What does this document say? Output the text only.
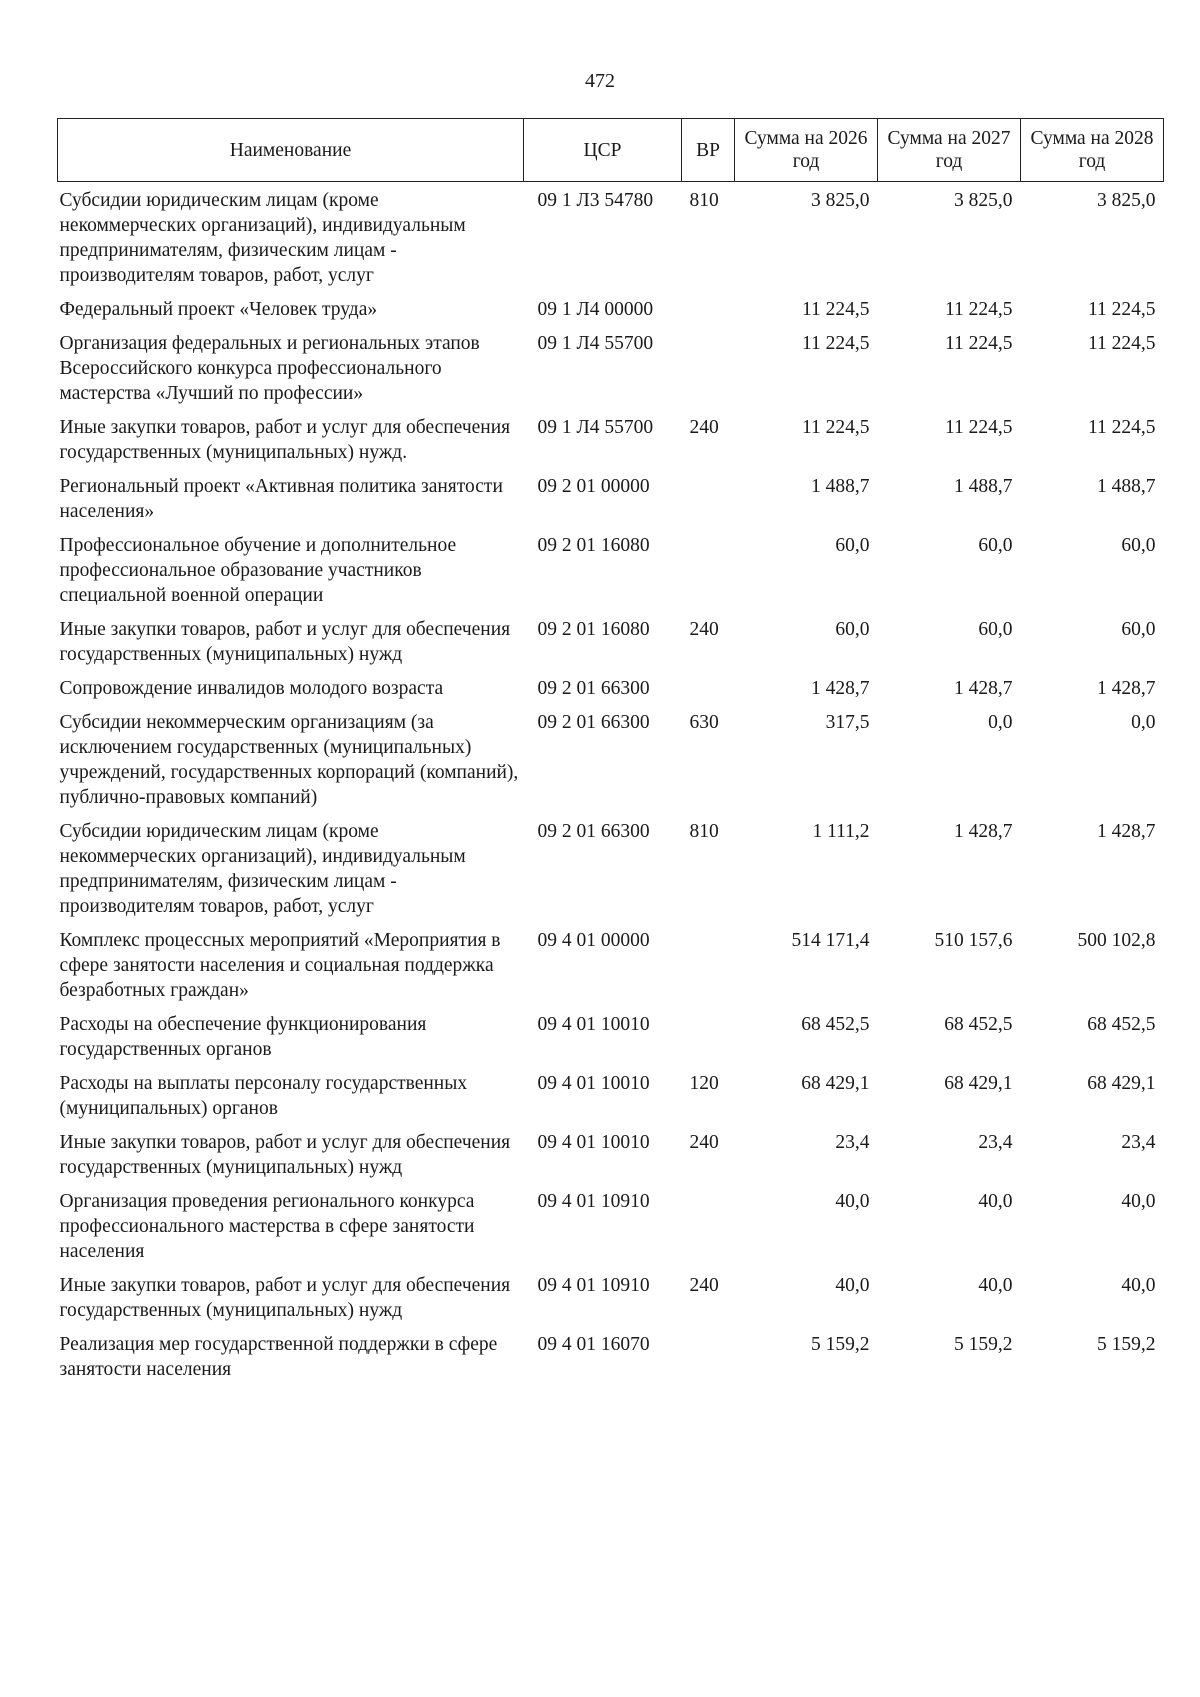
472
Наименование	ЦСР	ВР	Сумма на 2026 год	Сумма на 2027 год	Сумма на 2028 год
Субсидии юридическим лицам (кроме некоммерческих организаций), индивидуальным предпринимателям, физическим лицам - производителям товаров, работ, услуг	09 1 Л3 54780	810	3 825,0	3 825,0	3 825,0
Федеральный проект «Человек труда»	09 1 Л4 00000		11 224,5	11 224,5	11 224,5
Организация федеральных и региональных этапов Всероссийского конкурса профессионального мастерства «Лучший по профессии»	09 1 Л4 55700		11 224,5	11 224,5	11 224,5
Иные закупки товаров, работ и услуг для обеспечения государственных (муниципальных) нужд.	09 1 Л4 55700	240	11 224,5	11 224,5	11 224,5
Региональный проект «Активная политика занятости населения»	09 2 01 00000		1 488,7	1 488,7	1 488,7
Профессиональное обучение и дополнительное профессиональное образование участников специальной военной операции	09 2 01 16080		60,0	60,0	60,0
Иные закупки товаров, работ и услуг для обеспечения государственных (муниципальных) нужд	09 2 01 16080	240	60,0	60,0	60,0
Сопровождение инвалидов молодого возраста	09 2 01 66300		1 428,7	1 428,7	1 428,7
Субсидии некоммерческим организациям (за исключением государственных (муниципальных) учреждений, государственных корпораций (компаний), публично-правовых компаний)	09 2 01 66300	630	317,5	0,0	0,0
Субсидии юридическим лицам (кроме некоммерческих организаций), индивидуальным предпринимателям, физическим лицам - производителям товаров, работ, услуг	09 2 01 66300	810	1 111,2	1 428,7	1 428,7
Комплекс процессных мероприятий «Мероприятия в сфере занятости населения и социальная поддержка безработных граждан»	09 4 01 00000		514 171,4	510 157,6	500 102,8
Расходы на обеспечение функционирования государственных органов	09 4 01 10010		68 452,5	68 452,5	68 452,5
Расходы на выплаты персоналу государственных (муниципальных) органов	09 4 01 10010	120	68 429,1	68 429,1	68 429,1
Иные закупки товаров, работ и услуг для обеспечения государственных (муниципальных) нужд	09 4 01 10010	240	23,4	23,4	23,4
Организация проведения регионального конкурса профессионального мастерства в сфере занятости населения	09 4 01 10910		40,0	40,0	40,0
Иные закупки товаров, работ и услуг для обеспечения государственных (муниципальных) нужд	09 4 01 10910	240	40,0	40,0	40,0
Реализация мер государственной поддержки в сфере занятости населения	09 4 01 16070		5 159,2	5 159,2	5 159,2
